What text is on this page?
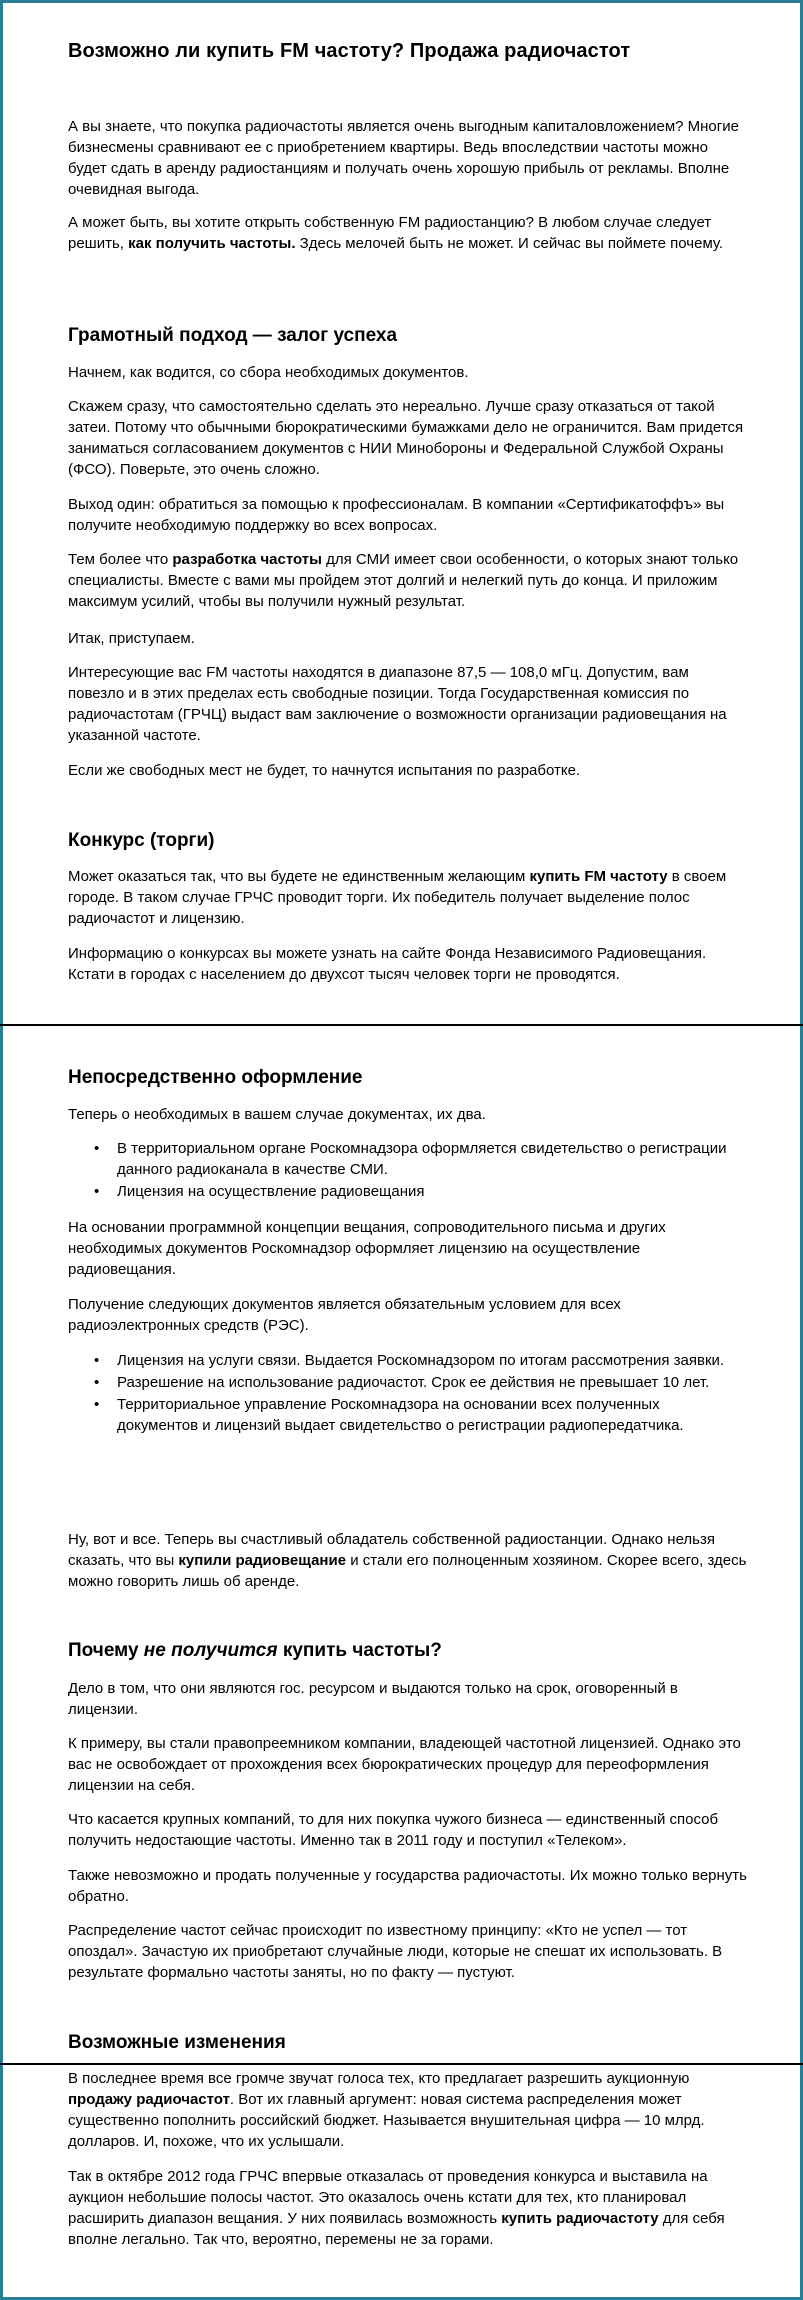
Возможно ли купить FM частоту? Продажа радиочастот

А вы знаете, что покупка радиочастоты является очень выгодным капиталовложением? Многие бизнесмены сравнивают ее с приобретением квартиры. Ведь впоследствии частоты можно будет сдать в аренду радиостанциям и получать очень хорошую прибыль от рекламы. Вполне очевидная выгода.

А может быть, вы хотите открыть собственную FM радиостанцию? В любом случае следует решить, как получить частоты. Здесь мелочей быть не может. И сейчас вы поймете почему.

Грамотный подход — залог успеха

Начнем, как водится, со сбора необходимых документов.

Скажем сразу, что самостоятельно сделать это нереально. Лучше сразу отказаться от такой затеи. Потому что обычными бюрократическими бумажками дело не ограничится. Вам придется заниматься согласованием документов с НИИ Минобороны и Федеральной Службой Охраны (ФСО). Поверьте, это очень сложно.

Выход один: обратиться за помощью к профессионалам. В компании «Сертификатоффъ» вы получите необходимую поддержку во всех вопросах.

Тем более что разработка частоты для СМИ имеет свои особенности, о которых знают только специалисты. Вместе с вами мы пройдем этот долгий и нелегкий путь до конца. И приложим максимум усилий, чтобы вы получили нужный результат.

Итак, приступаем.

Интересующие вас FM частоты находятся в диапазоне 87,5 — 108,0 мГц. Допустим, вам повезло и в этих пределах есть свободные позиции. Тогда Государственная комиссия по радиочастотам (ГРЧЦ) выдаст вам заключение о возможности организации радиовещания на указанной частоте.

Если же свободных мест не будет, то начнутся испытания по разработке.

Конкурс (торги)

Может оказаться так, что вы будете не единственным желающим купить FM частоту в своем городе. В таком случае ГРЧС проводит торги. Их победитель получает выделение полос радиочастот и лицензию.

Информацию о конкурсах вы можете узнать на сайте Фонда Независимого Радиовещания. Кстати в городах с населением до двухсот тысяч человек торги не проводятся.

Непосредственно оформление

Теперь о необходимых в вашем случае документах, их два.

• В территориальном органе Роскомнадзора оформляется свидетельство о регистрации данного радиоканала в качестве СМИ.
• Лицензия на осуществление радиовещания

На основании программной концепции вещания, сопроводительного письма и других необходимых документов Роскомнадзор оформляет лицензию на осуществление радиовещания.

Получение следующих документов является обязательным условием для всех радиоэлектронных средств (РЭС).

• Лицензия на услуги связи. Выдается Роскомнадзором по итогам рассмотрения заявки.
• Разрешение на использование радиочастот. Срок ее действия не превышает 10 лет.
• Территориальное управление Роскомнадзора на основании всех полученных документов и лицензий выдает свидетельство о регистрации радиопередатчика.

Ну, вот и все. Теперь вы счастливый обладатель собственной радиостанции. Однако нельзя сказать, что вы купили радиовещание и стали его полноценным хозяином. Скорее всего, здесь можно говорить лишь об аренде.

Почему не получится купить частоты?

Дело в том, что они являются гос. ресурсом и выдаются только на срок, оговоренный в лицензии.

К примеру, вы стали правопреемником компании, владеющей частотной лицензией. Однако это вас не освобождает от прохождения всех бюрократических процедур для переоформления лицензии на себя.

Что касается крупных компаний, то для них покупка чужого бизнеса — единственный способ получить недостающие частоты. Именно так в 2011 году и поступил «Телеком».

Также невозможно и продать полученные у государства радиочастоты. Их можно только вернуть обратно.

Распределение частот сейчас происходит по известному принципу: «Кто не успел — тот опоздал». Зачастую их приобретают случайные люди, которые не спешат их использовать. В результате формально частоты заняты, но по факту — пустуют.

Возможные изменения

В последнее время все громче звучат голоса тех, кто предлагает разрешить аукционную продажу радиочастот. Вот их главный аргумент: новая система распределения может существенно пополнить российский бюджет. Называется внушительная цифра — 10 млрд. долларов. И, похоже, что их услышали.

Так в октябре 2012 года ГРЧС впервые отказалась от проведения конкурса и выставила на аукцион небольшие полосы частот. Это оказалось очень кстати для тех, кто планировал расширить диапазон вещания. У них появилась возможность купить радиочастоту для себя вполне легально. Так что, вероятно, перемены не за горами.
